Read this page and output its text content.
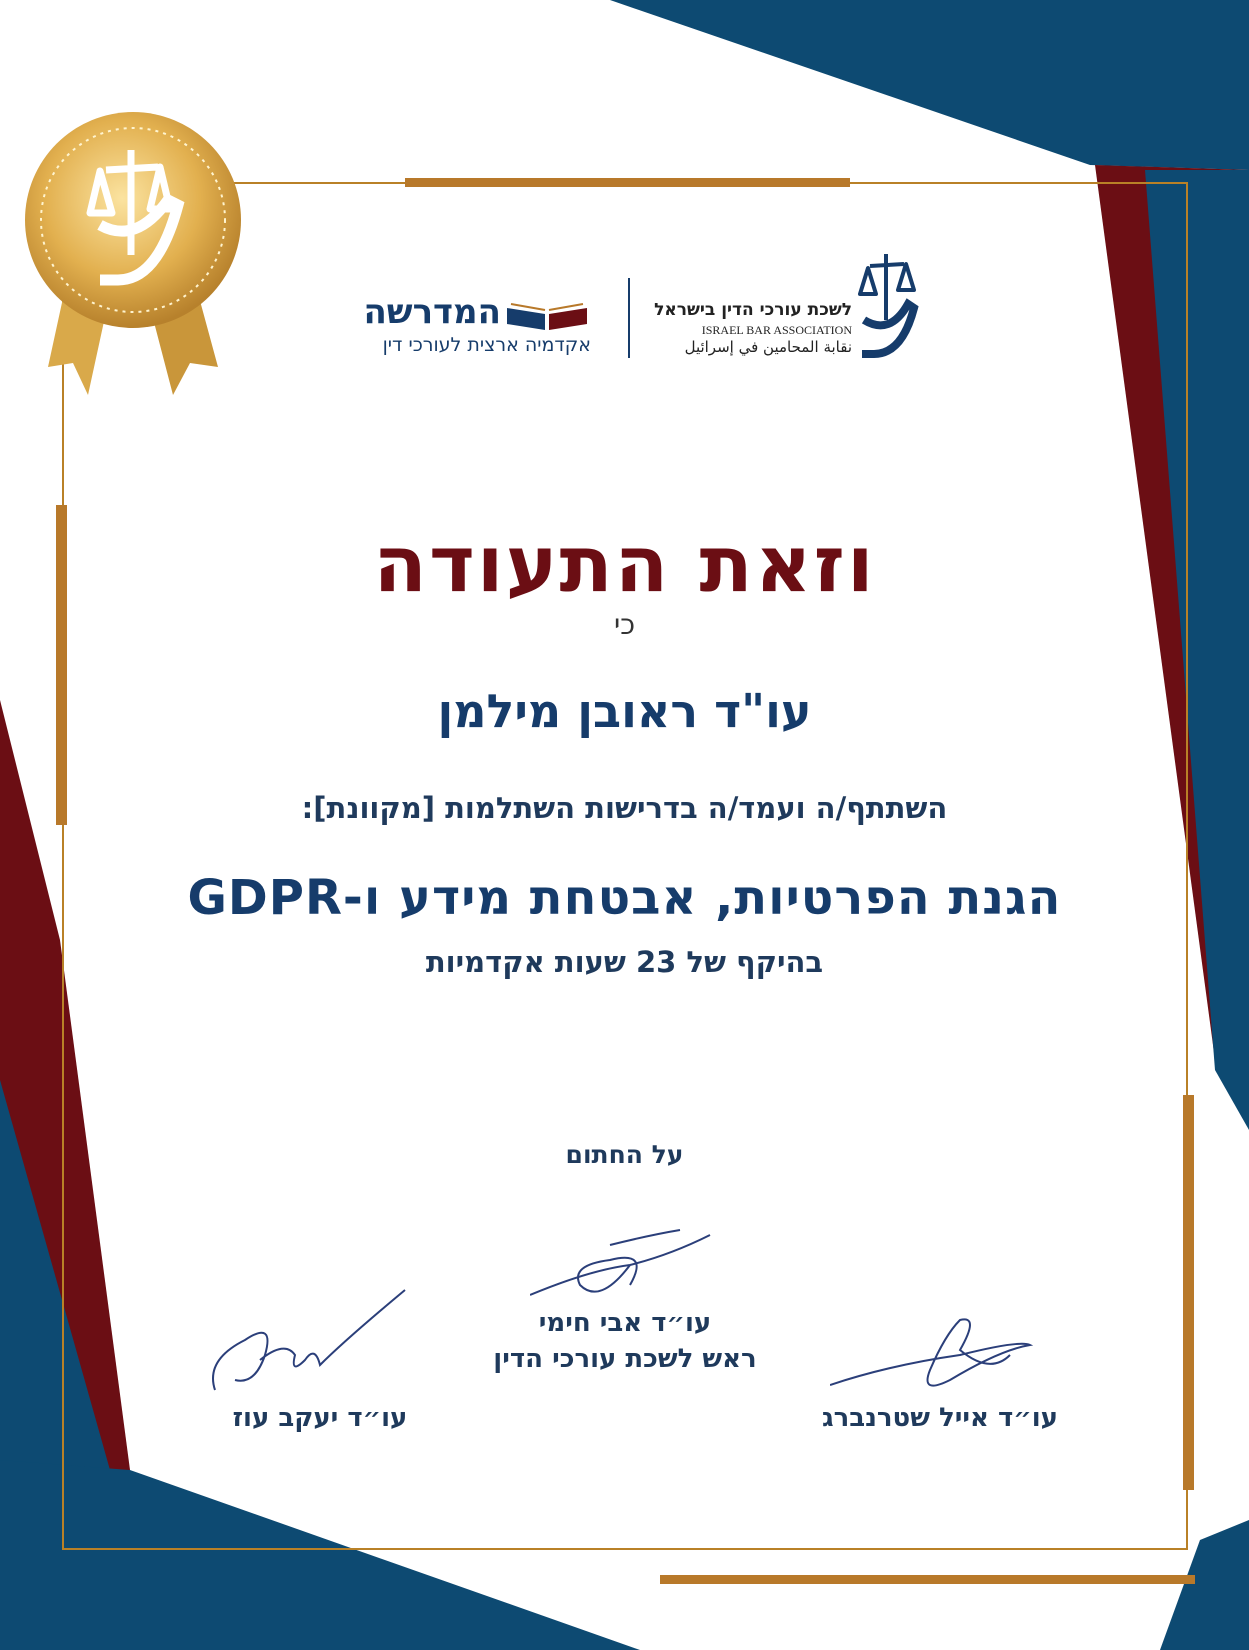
המדרשה
אקדמיה ארצית לעורכי דין
לשכת עורכי הדין בישראל
ISRAEL BAR ASSOCIATION
نقابة المحامين في إسرائيل
וזאת התעודה
כי
עו"ד ראובן מילמן
השתתף/ה ועמד/ה בדרישות השתלמות [מקוונת]:
הגנת הפרטיות, אבטחת מידע ו-GDPR
בהיקף של 23 שעות אקדמיות
על החתום
עו״ד יעקב עוז
עו״ד אבי חימי
ראש לשכת עורכי הדין
עו״ד אייל שטרנברג
